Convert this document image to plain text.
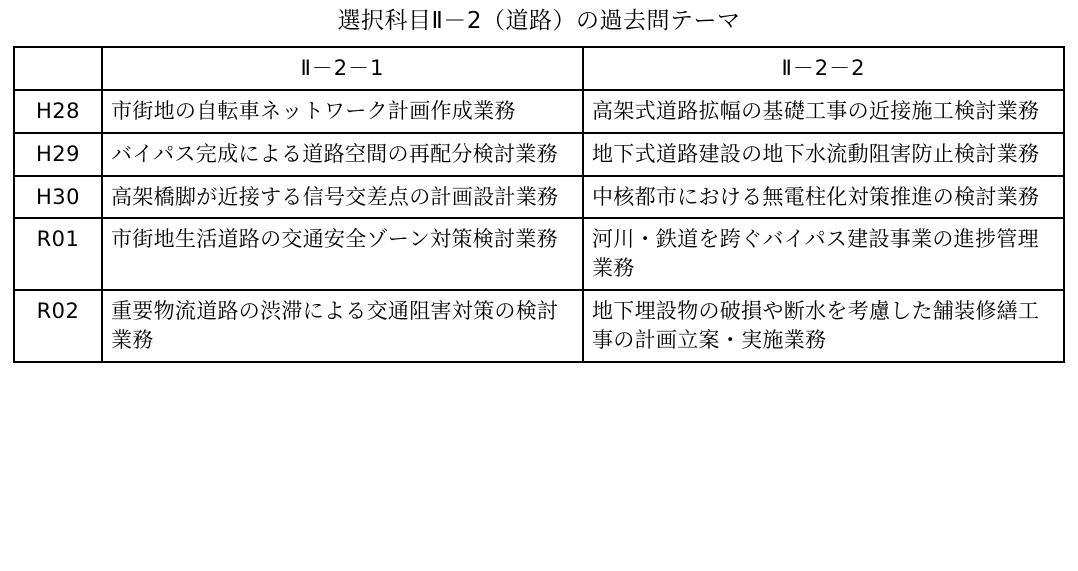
選択科目Ⅱ－2（道路）の過去問テーマ
	Ⅱ－2－1	Ⅱ－2－2
H28	市街地の自転車ネットワーク計画作成業務	高架式道路拡幅の基礎工事の近接施工検討業務
H29	バイパス完成による道路空間の再配分検討業務	地下式道路建設の地下水流動阻害防止検討業務
H30	高架橋脚が近接する信号交差点の計画設計業務	中核都市における無電柱化対策推進の検討業務
R01	市街地生活道路の交通安全ゾーン対策検討業務	河川・鉄道を跨ぐバイパス建設事業の進捗管理業務
R02	重要物流道路の渋滞による交通阻害対策の検討業務	地下埋設物の破損や断水を考慮した舗装修繕工事の計画立案・実施業務
